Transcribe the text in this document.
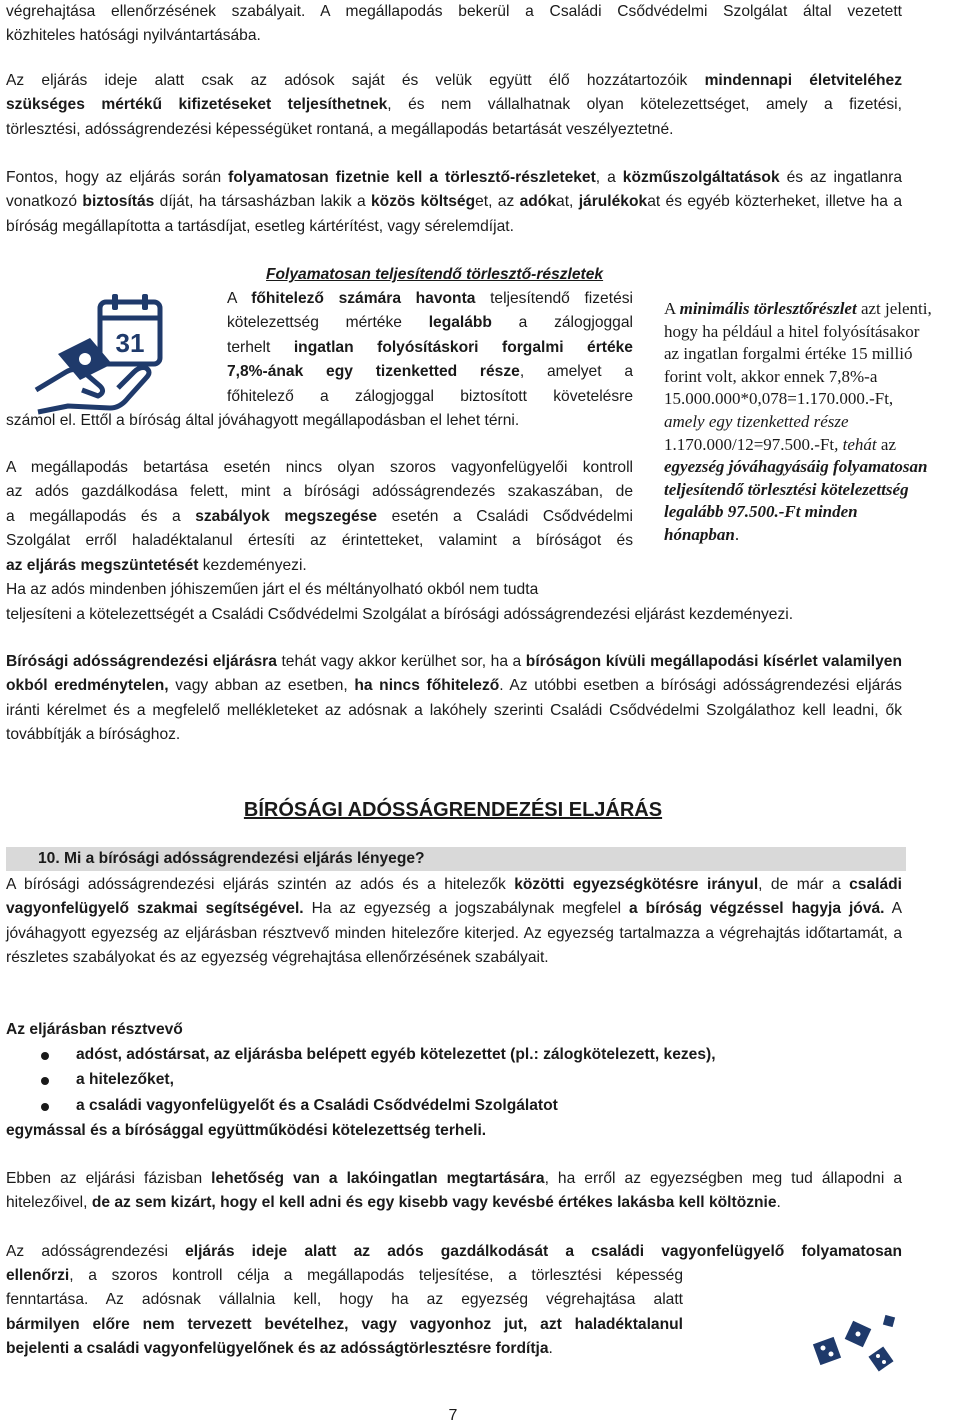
végrehajtása ellenőrzésének szabályait. A megállapodás bekerül a Családi Csődvédelmi Szolgálat által vezetett
közhiteles hatósági nyilvántartásába.
Az eljárás ideje alatt csak az adósok saját és velük együtt élő hozzátartozóik mindennapi életviteléhez
szükséges mértékű kifizetéseket teljesíthetnek, és nem vállalhatnak olyan kötelezettséget, amely a fizetési,
törlesztési, adósságrendezési képességüket rontaná, a megállapodás betartását veszélyeztetné.
Fontos, hogy az eljárás során folyamatosan fizetnie kell a törlesztő-részleteket, a közműszolgáltatások és az ingatlanra vonatkozó biztosítás díját, ha társasházban lakik a közös költséget, az adókat, járulékokat és egyéb közterheket, illetve ha a bíróság megállapította a tartásdíjat, esetleg kártérítést, vagy sérelemdíjat.
Folyamatosan teljesítendő törlesztő-részletek
31
A főhitelező számára havonta teljesítendő fizetési
kötelezettség mértéke legalább a zálogjoggal
terhelt ingatlan folyósításkori forgalmi értéke
7,8%-ának egy tizenketted része, amelyet a
főhitelező a zálogjoggal biztosított követelésre
számol el. Ettől a bíróság által jóváhagyott megállapodásban el lehet térni.
A minimális törlesztőrészlet azt jelenti, hogy ha például a hitel folyósításakor az ingatlan forgalmi értéke 15 millió forint volt, akkor ennek 7,8%-a 15.000.000*0,078=1.170.000.-Ft, amely egy tizenketted része 1.170.000/12=97.500.-Ft, tehát az egyezség jóváhagyásáig folyamatosan teljesítendő törlesztési kötelezettség legalább 97.500.-Ft minden hónapban.
A megállapodás betartása esetén nincs olyan szoros vagyonfelügyelői kontroll
az adós gazdálkodása felett, mint a bírósági adósságrendezés szakaszában, de
a megállapodás és a szabályok megszegése esetén a Családi Csődvédelmi
Szolgálat erről haladéktalanul értesíti az érintetteket, valamint a bíróságot és
az eljárás megszüntetését kezdeményezi.
Ha az adós mindenben jóhiszeműen járt el és méltányolható okból nem tudta
teljesíteni a kötelezettségét a Családi Csődvédelmi Szolgálat a bírósági adósságrendezési eljárást kezdeményezi.
Bírósági adósságrendezési eljárásra tehát vagy akkor kerülhet sor, ha a bíróságon kívüli megállapodási kísérlet valamilyen okból eredménytelen, vagy abban az esetben, ha nincs főhitelező. Az utóbbi esetben a bírósági adósságrendezési eljárás iránti kérelmet és a megfelelő mellékleteket az adósnak a lakóhely szerinti Családi Csődvédelmi Szolgálathoz kell leadni, ők továbbítják a bírósághoz.
BÍRÓSÁGI ADÓSSÁGRENDEZÉSI ELJÁRÁS
10. Mi a bírósági adósságrendezési eljárás lényege?
A bírósági adósságrendezési eljárás szintén az adós és a hitelezők közötti egyezségkötésre irányul, de már a családi vagyonfelügyelő szakmai segítségével. Ha az egyezség a jogszabálynak megfelel a bíróság végzéssel hagyja jóvá. A jóváhagyott egyezség az eljárásban résztvevő minden hitelezőre kiterjed. Az egyezség tartalmazza a végrehajtás időtartamát, a részletes szabályokat és az egyezség végrehajtása ellenőrzésének szabályait.
Az eljárásban résztvevő
adóst, adóstársat, az eljárásba belépett egyéb kötelezettet (pl.: zálogkötelezett, kezes),
a hitelezőket,
a családi vagyonfelügyelőt és a Családi Csődvédelmi Szolgálatot
egymással és a bírósággal együttműködési kötelezettség terheli.
Ebben az eljárási fázisban lehetőség van a lakóingatlan megtartására, ha erről az egyezségben meg tud állapodni a hitelezőivel, de az sem kizárt, hogy el kell adni és egy kisebb vagy kevésbé értékes lakásba kell költöznie.
Az adósságrendezési eljárás ideje alatt az adós gazdálkodását a családi vagyonfelügyelő folyamatosan
ellenőrzi, a szoros kontroll célja a megállapodás teljesítése, a törlesztési képesség
fenntartása. Az adósnak vállalnia kell, hogy ha az egyezség végrehajtása alatt
bármilyen előre nem tervezett bevételhez, vagy vagyonhoz jut, azt haladéktalanul
bejelenti a családi vagyonfelügyelőnek és az adósságtörlesztésre fordítja.
7
